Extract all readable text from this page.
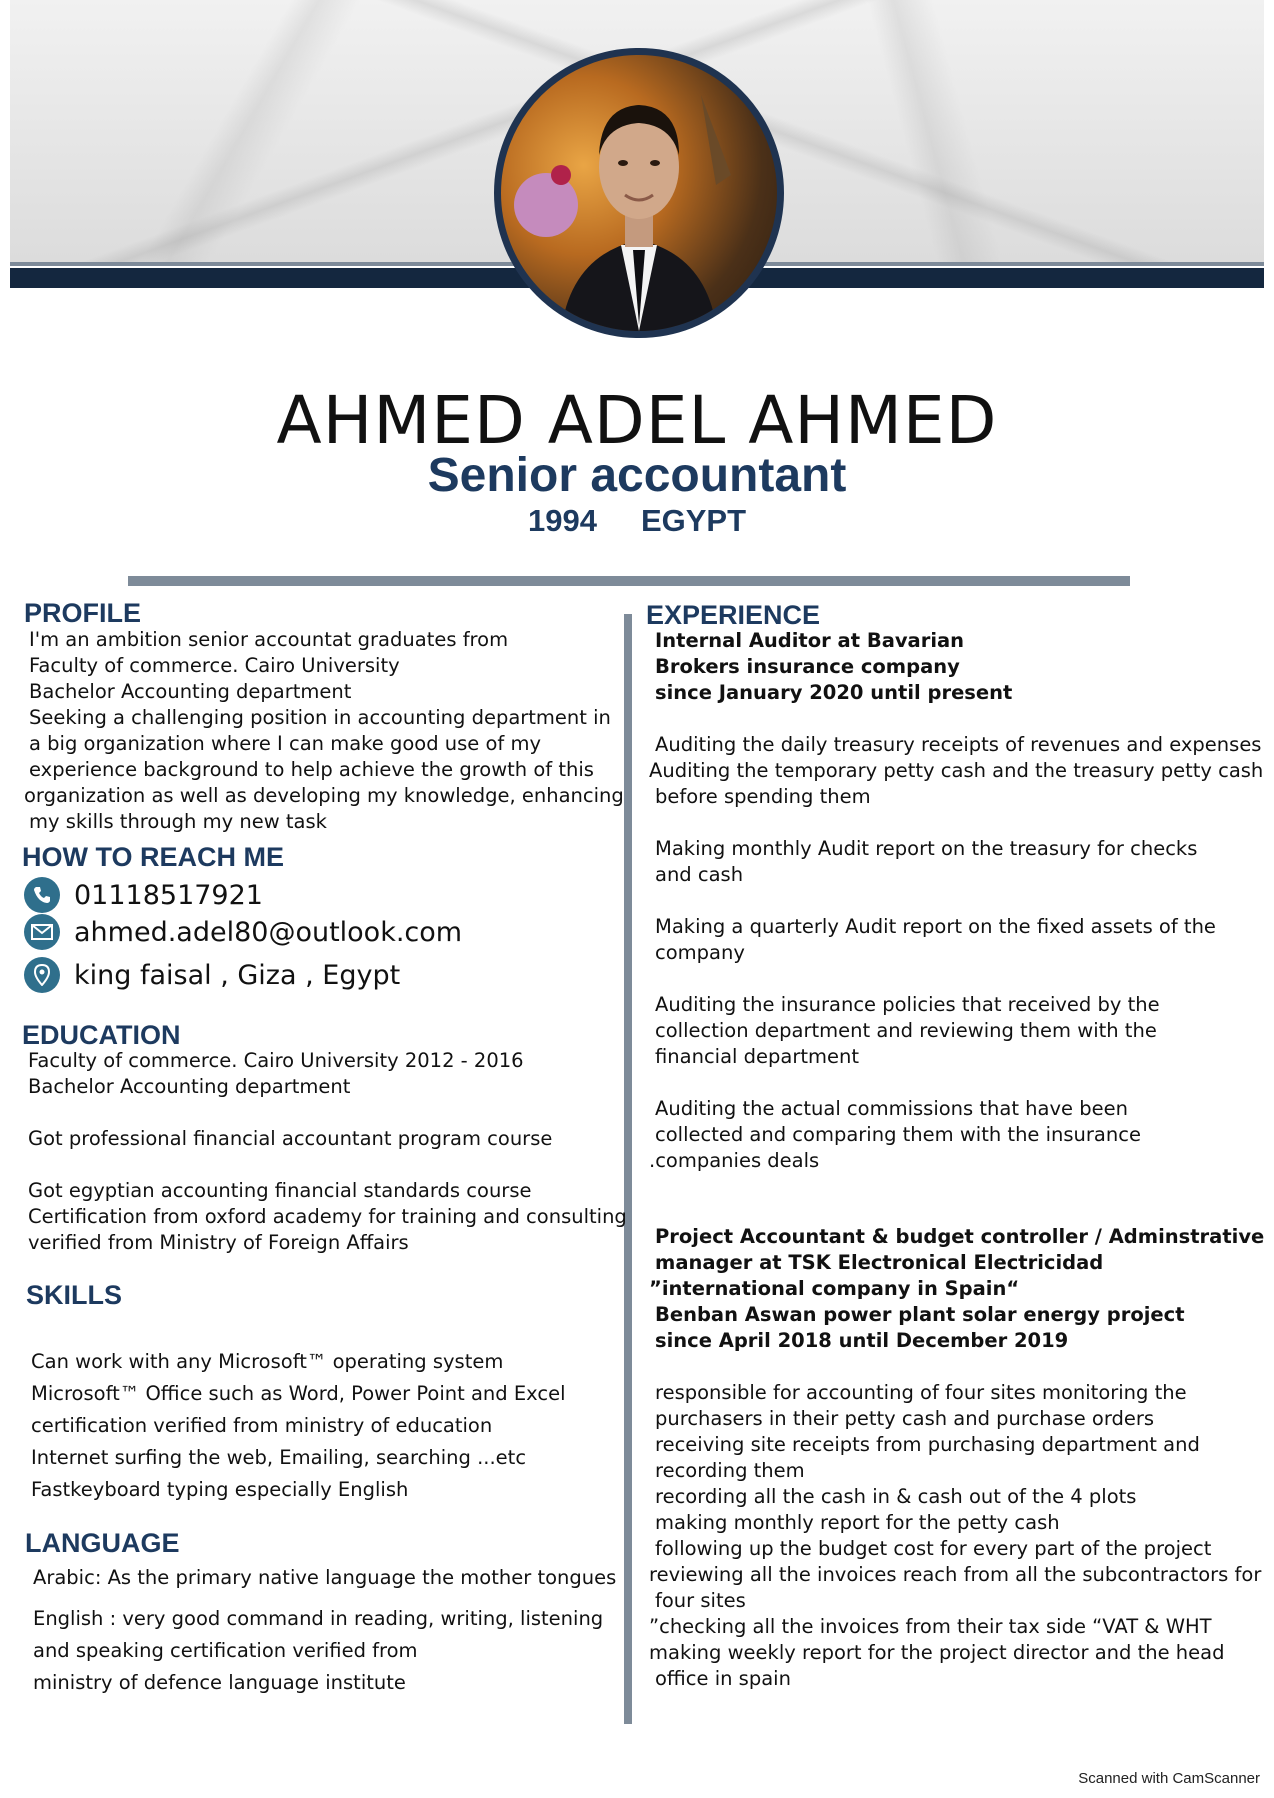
AHMED ADEL AHMED
Senior accountant
1994 EGYPT
PROFILE
I'm an ambition senior accountat graduates from
Faculty of commerce. Cairo University
Bachelor Accounting department
Seeking a challenging position in accounting department in
a big organization where I can make good use of my
experience background to help achieve the growth of this
organization as well as developing my knowledge, enhancing
my skills through my new task
HOW TO REACH ME
01118517921
ahmed.adel80@outlook.com
king faisal , Giza , Egypt
EDUCATION
Faculty of commerce. Cairo University 2012 - 2016
Bachelor Accounting department
Got professional financial accountant program course
Got egyptian accounting financial standards course
Certification from oxford academy for training and consulting
verified from Ministry of Foreign Affairs
SKILLS
Can work with any Microsoft™ operating system
Microsoft™ Office such as Word, Power Point and Excel
certification verified from ministry of education
Internet surfing the web, Emailing, searching ...etc
Fastkeyboard typing especially English
LANGUAGE
Arabic: As the primary native language the mother tongues
English : very good command in reading, writing, listening
and speaking certification verified from
ministry of defence language institute
EXPERIENCE
Internal Auditor at Bavarian
Brokers insurance company
since January 2020 until present
Auditing the daily treasury receipts of revenues and expenses
Auditing the temporary petty cash and the treasury petty cash
before spending them
Making monthly Audit report on the treasury for checks
and cash
Making a quarterly Audit report on the fixed assets of the
company
Auditing the insurance policies that received by the
collection department and reviewing them with the
financial department
Auditing the actual commissions that have been
collected and comparing them with the insurance
.companies deals
Project Accountant & budget controller / Adminstrative
manager at TSK Electronical Electricidad
”international company in Spain“
Benban Aswan power plant solar energy project
since April 2018 until December 2019
responsible for accounting of four sites monitoring the
purchasers in their petty cash and purchase orders
receiving site receipts from purchasing department and
recording them
recording all the cash in & cash out of the 4 plots
making monthly report for the petty cash
following up the budget cost for every part of the project
reviewing all the invoices reach from all the subcontractors for
four sites
”checking all the invoices from their tax side “VAT & WHT
making weekly report for the project director and the head
office in spain
Scanned with CamScanner
